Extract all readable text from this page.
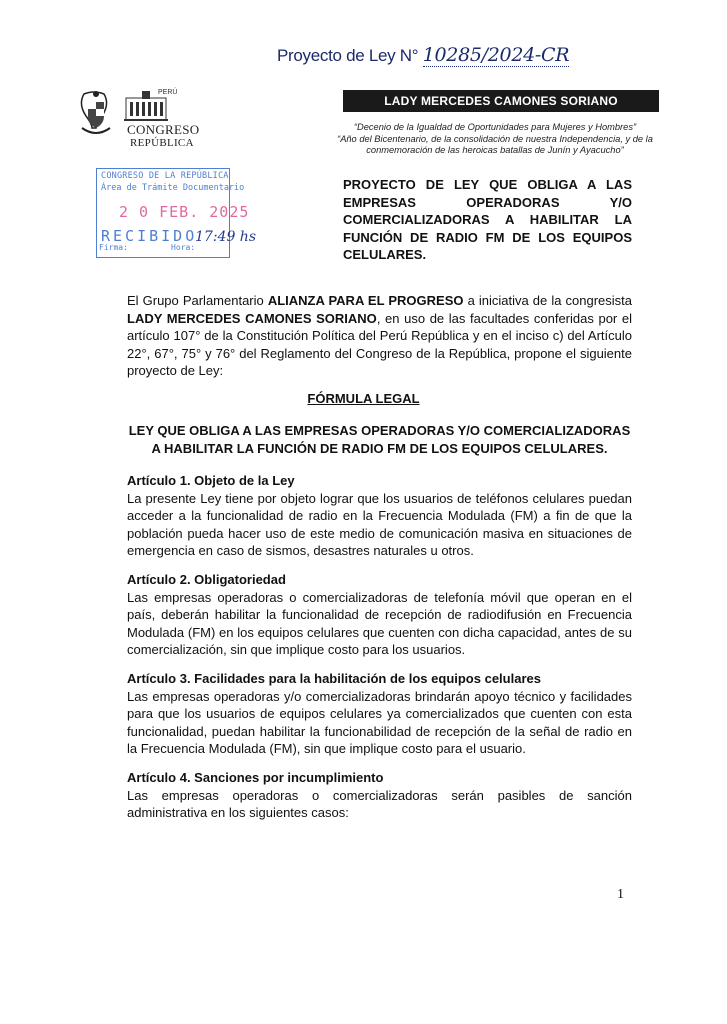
Proyecto de Ley N° 10285/2024-CR
PERÚ
CONGRESO
REPÚBLICA
LADY MERCEDES CAMONES SORIANO
“Decenio de la Igualdad de Oportunidades para Mujeres y Hombres”
“Año del Bicentenario, de la consolidación de nuestra Independencia, y de la conmemoración de las heroicas batallas de Junín y Ayacucho”
CONGRESO DE LA REPÚBLICA
Área de Trámite Documentario
2 0 FEB. 2025
RECIBIDO
Firma:	Hora:
17:49 hs
PROYECTO DE LEY QUE OBLIGA A LAS EMPRESAS OPERADORAS Y/O COMERCIALIZADORAS A HABILITAR LA FUNCIÓN DE RADIO FM DE LOS EQUIPOS CELULARES.
El Grupo Parlamentario ALIANZA PARA EL PROGRESO a iniciativa de la congresista LADY MERCEDES CAMONES SORIANO, en uso de las facultades conferidas por el artículo 107° de la Constitución Política del Perú República y en el inciso c) del Artículo 22°, 67°, 75° y 76° del Reglamento del Congreso de la República, propone el siguiente proyecto de Ley:
FÓRMULA LEGAL
LEY QUE OBLIGA A LAS EMPRESAS OPERADORAS Y/O COMERCIALIZADORAS A HABILITAR LA FUNCIÓN DE RADIO FM DE LOS EQUIPOS CELULARES.
Artículo 1. Objeto de la Ley

La presente Ley tiene por objeto lograr que los usuarios de teléfonos celulares puedan acceder a la funcionalidad de radio en la Frecuencia Modulada (FM) a fin de que la población pueda hacer uso de este medio de comunicación masiva en situaciones de emergencia en caso de sismos, desastres naturales u otros.

Artículo 2. Obligatoriedad

Las empresas operadoras o comercializadoras de telefonía móvil que operan en el país, deberán habilitar la funcionalidad de recepción de radiodifusión en Frecuencia Modulada (FM) en los equipos celulares que cuenten con dicha capacidad, antes de su comercialización, sin que implique costo para los usuarios.

Artículo 3. Facilidades para la habilitación de los equipos celulares

Las empresas operadoras y/o comercializadoras brindarán apoyo técnico y facilidades para que los usuarios de equipos celulares ya comercializados que cuenten con esta funcionalidad, puedan habilitar la funcionabilidad de recepción de la señal de radio en la Frecuencia Modulada (FM), sin que implique costo para el usuario.

Artículo 4. Sanciones por incumplimiento

Las empresas operadoras o comercializadoras serán pasibles de sanción administrativa en los siguientes casos:

1
